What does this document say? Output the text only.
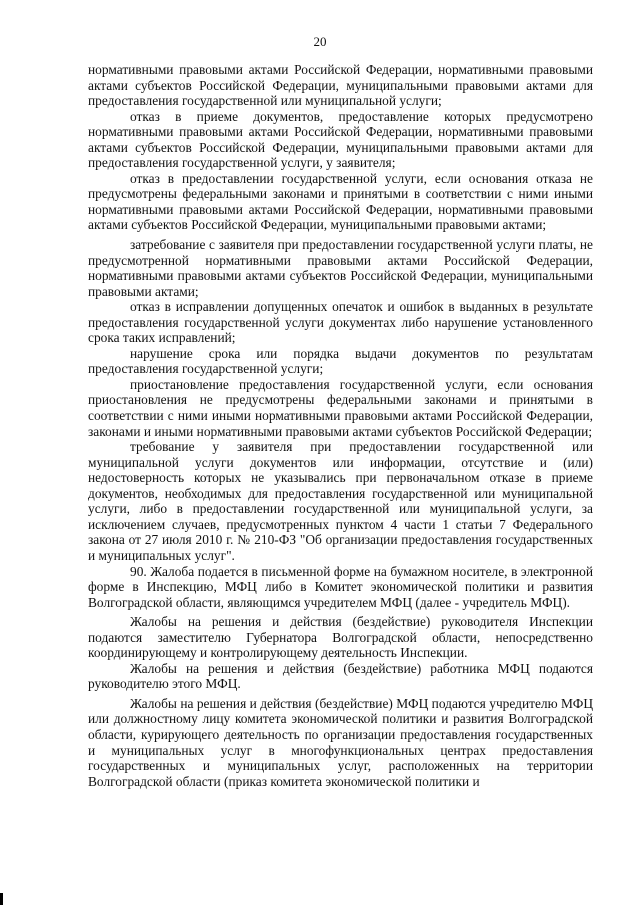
20

нормативными правовыми актами Российской Федерации, нормативными правовыми актами субъектов Российской Федерации, муниципальными правовыми актами для предоставления государственной или муниципальной услуги;

отказ в приеме документов, предоставление которых предусмотрено нормативными правовыми актами Российской Федерации, нормативными правовыми актами субъектов Российской Федерации, муниципальными правовыми актами для предоставления государственной услуги, у заявителя;

отказ в предоставлении государственной услуги, если основания отказа не предусмотрены федеральными законами и принятыми в соответствии с ними иными нормативными правовыми актами Российской Федерации, нормативными правовыми актами субъектов Российской Федерации, муниципальными правовыми актами;

затребование с заявителя при предоставлении государственной услуги платы, не предусмотренной нормативными правовыми актами Российской Федерации, нормативными правовыми актами субъектов Российской Федерации, муниципальными правовыми актами;

отказ в исправлении допущенных опечаток и ошибок в выданных в результате предоставления государственной услуги документах либо нарушение установленного срока таких исправлений;

нарушение срока или порядка выдачи документов по результатам предоставления государственной услуги;

приостановление предоставления государственной услуги, если основания приостановления не предусмотрены федеральными законами и принятыми в соответствии с ними иными нормативными правовыми актами Российской Федерации, законами и иными нормативными правовыми актами субъектов Российской Федерации;

требование у заявителя при предоставлении государственной или муниципальной услуги документов или информации, отсутствие и (или) недостоверность которых не указывались при первоначальном отказе в приеме документов, необходимых для предоставления государственной или муниципальной услуги, либо в предоставлении государственной или муниципальной услуги, за исключением случаев, предусмотренных пунктом 4 части 1 статьи 7 Федерального закона от 27 июля 2010 г. № 210-ФЗ "Об организации предоставления государственных и муниципальных услуг".

90. Жалоба подается в письменной форме на бумажном носителе, в электронной форме в Инспекцию, МФЦ либо в Комитет экономической политики и развития Волгоградской области, являющимся учредителем МФЦ (далее - учредитель МФЦ).

Жалобы на решения и действия (бездействие) руководителя Инспекции подаются заместителю Губернатора Волгоградской области, непосредственно координирующему и контролирующему деятельность Инспекции.

Жалобы на решения и действия (бездействие) работника МФЦ подаются руководителю этого МФЦ.

Жалобы на решения и действия (бездействие) МФЦ подаются учредителю МФЦ или должностному лицу комитета экономической политики и развития Волгоградской области, курирующего деятельность по организации предоставления государственных и муниципальных услуг в многофункциональных центрах предоставления государственных и муниципальных услуг, расположенных на территории Волгоградской области (приказ комитета экономической политики и
